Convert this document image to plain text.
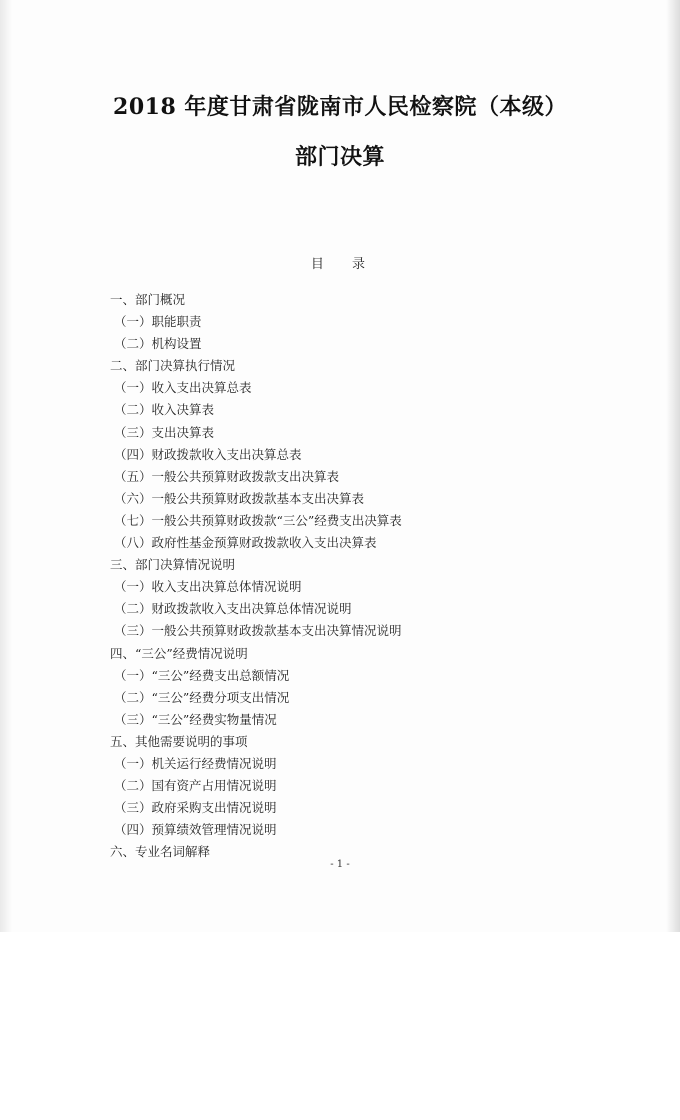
2018 年度甘肃省陇南市人民检察院（本级）
部门决算
目 录
一、部门概况
（一）职能职责
（二）机构设置
二、部门决算执行情况
（一）收入支出决算总表
（二）收入决算表
（三）支出决算表
（四）财政拨款收入支出决算总表
（五）一般公共预算财政拨款支出决算表
（六）一般公共预算财政拨款基本支出决算表
（七）一般公共预算财政拨款“三公”经费支出决算表
（八）政府性基金预算财政拨款收入支出决算表
三、部门决算情况说明
（一）收入支出决算总体情况说明
（二）财政拨款收入支出决算总体情况说明
（三）一般公共预算财政拨款基本支出决算情况说明
四、“三公”经费情况说明
（一）“三公”经费支出总额情况
（二）“三公”经费分项支出情况
（三）“三公”经费实物量情况
五、其他需要说明的事项
（一）机关运行经费情况说明
（二）国有资产占用情况说明
（三）政府采购支出情况说明
（四）预算绩效管理情况说明
六、专业名词解释
- 1 -
